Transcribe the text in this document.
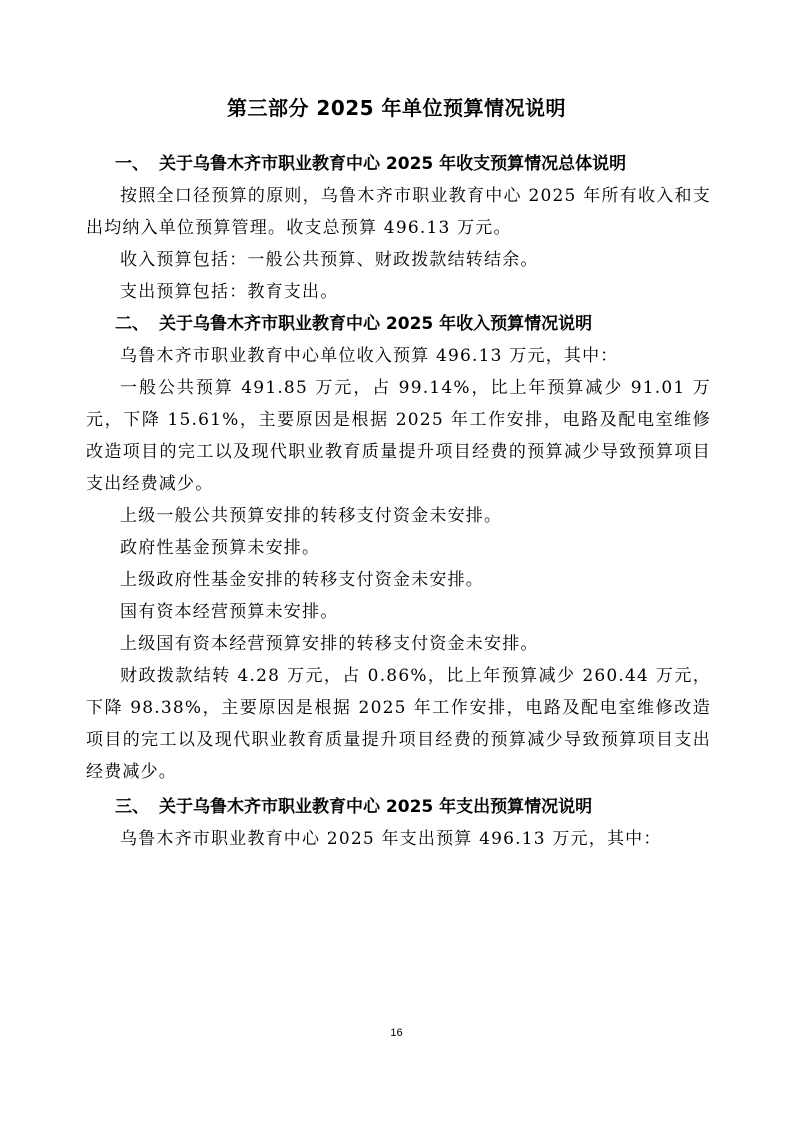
第三部分 2025 年单位预算情况说明
一、 关于乌鲁木齐市职业教育中心 2025 年收支预算情况总体说明

按照全口径预算的原则，乌鲁木齐市职业教育中心 2025 年所有收入和支出均纳入单位预算管理。收支总预算 496.13 万元。

收入预算包括：一般公共预算、财政拨款结转结余。

支出预算包括：教育支出。

二、 关于乌鲁木齐市职业教育中心 2025 年收入预算情况说明

乌鲁木齐市职业教育中心单位收入预算 496.13 万元，其中：

一般公共预算 491.85 万元，占 99.14%，比上年预算减少 91.01 万元，下降 15.61%，主要原因是根据 2025 年工作安排，电路及配电室维修改造项目的完工以及现代职业教育质量提升项目经费的预算减少导致预算项目支出经费减少。

上级一般公共预算安排的转移支付资金未安排。

政府性基金预算未安排。

上级政府性基金安排的转移支付资金未安排。

国有资本经营预算未安排。

上级国有资本经营预算安排的转移支付资金未安排。

财政拨款结转 4.28 万元，占 0.86%，比上年预算减少 260.44 万元，下降 98.38%，主要原因是根据 2025 年工作安排，电路及配电室维修改造项目的完工以及现代职业教育质量提升项目经费的预算减少导致预算项目支出经费减少。

三、 关于乌鲁木齐市职业教育中心 2025 年支出预算情况说明

乌鲁木齐市职业教育中心 2025 年支出预算 496.13 万元，其中：

16
